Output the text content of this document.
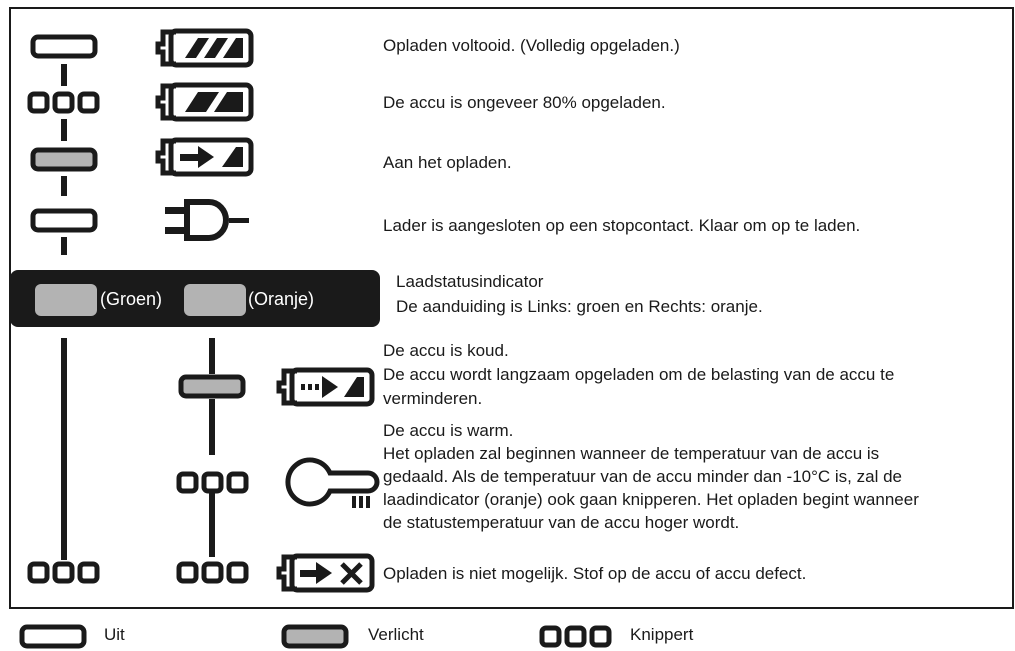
Opladen voltooid. (Volledig opgeladen.)
De accu is ongeveer 80% opgeladen.
Aan het opladen.
Lader is aangesloten op een stopcontact. Klaar om op te laden.
(Groen)	(Oranje)
Laadstatusindicator
De aanduiding is Links: groen en Rechts: oranje.
De accu is koud.
De accu wordt langzaam opgeladen om de belasting van de accu te
verminderen.
De accu is warm.
Het opladen zal beginnen wanneer de temperatuur van de accu is
gedaald. Als de temperatuur van de accu minder dan -10°C is, zal de
laadindicator (oranje) ook gaan knipperen. Het opladen begint wanneer
de statustemperatuur van de accu hoger wordt.
Opladen is niet mogelijk. Stof op de accu of accu defect.
Uit	Verlicht	Knippert
